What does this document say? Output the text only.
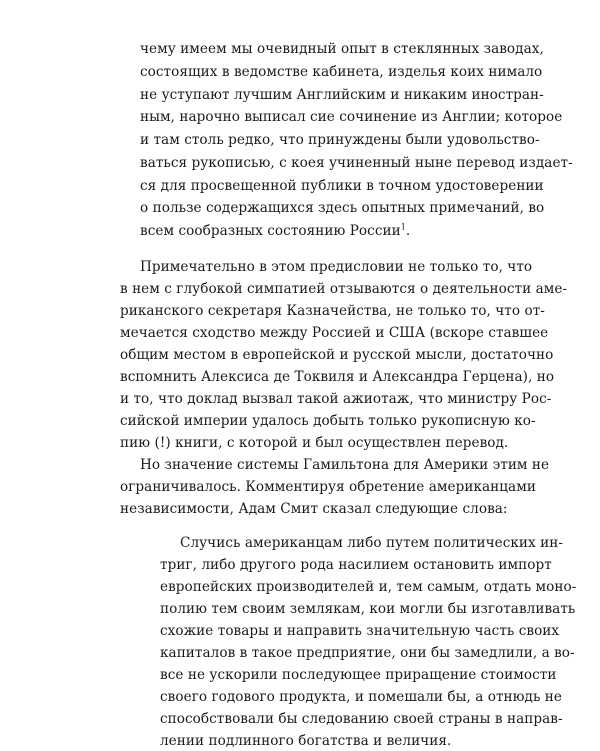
чему имеем мы очевидный опыт в стеклянных заводах,
состоящих в ведомстве кабинета, изделья коих нимало
не уступают лучшим Английским и никаким иностран-
ным, нарочно выписал сие сочинение из Англии; которое
и там столь редко, что принуждены были удовольство-
ваться рукописью, с коея учиненный ныне перевод издает-
ся для просвещенной публики в точном удостоверении
о пользе содержащихся здесь опытных примечаний, во
всем сообразных состоянию России$^1$.
Примечательно в этом предисловии не только то, что
в нем с глубокой симпатией отзываются о деятельности аме-
риканского секретаря Казначейства, не только то, что от-
мечается сходство между Россией и США (вскоре ставшее
общим местом в европейской и русской мысли, достаточно
вспомнить Алексиса де Токвиля и Александра Герцена), но
и то, что доклад вызвал такой ажиотаж, что министру Рос-
сийской империи удалось добыть только рукописную ко-
пию (!) книги, с которой и был осуществлен перевод.
Но значение системы Гамильтона для Америки этим не
ограничивалось. Комментируя обретение американцами
независимости, Адам Смит сказал следующие слова:
Случись американцам либо путем политических ин-
триг, либо другого рода насилием остановить импорт
европейских производителей и, тем самым, отдать моно-
полию тем своим землякам, кои могли бы изготавливать
схожие товары и направить значительную часть своих
капиталов в такое предприятие, они бы замедлили, а во-
все не ускорили последующее приращение стоимости
своего годового продукта, и помешали бы, а отнюдь не
способствовали бы следованию своей страны в направ-
лении подлинного богатства и величия.
